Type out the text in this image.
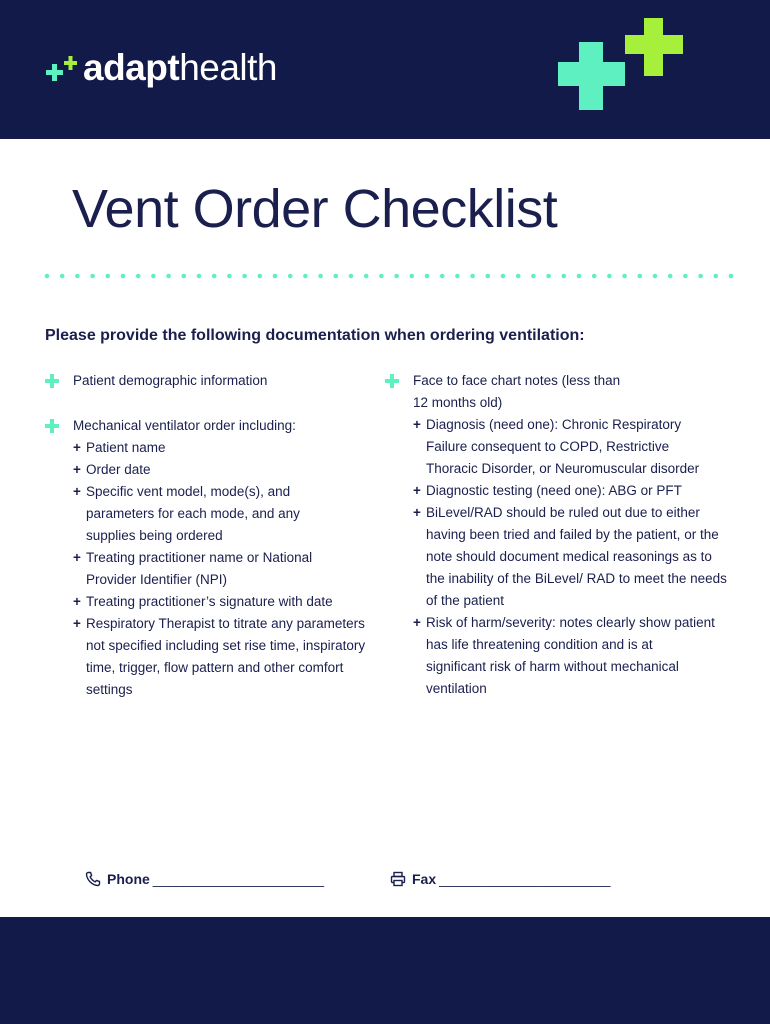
adapthealth
Vent Order Checklist

Please provide the following documentation when ordering ventilation:

Patient demographic information
Mechanical ventilator order including:
+ Patient name
+ Order date
+ Specific vent model, mode(s), and parameters for each mode, and any supplies being ordered
+ Treating practitioner name or National Provider Identifier (NPI)
+ Treating practitioner’s signature with date
+ Respiratory Therapist to titrate any parameters not specified including set rise time, inspiratory time, trigger, flow pattern and other comfort settings
Face to face chart notes (less than 12 months old)
+ Diagnosis (need one): Chronic Respiratory Failure consequent to COPD, Restrictive Thoracic Disorder, or Neuromuscular disorder
+ Diagnostic testing (need one): ABG or PFT
+ BiLevel/RAD should be ruled out due to either having been tried and failed by the patient, or the note should document medical reasonings as to the inability of the BiLevel/ RAD to meet the needs of the patient
+ Risk of harm/severity: notes clearly show patient has life threatening condition and is at significant risk of harm without mechanical ventilation
Phone ______________________	Fax ______________________
